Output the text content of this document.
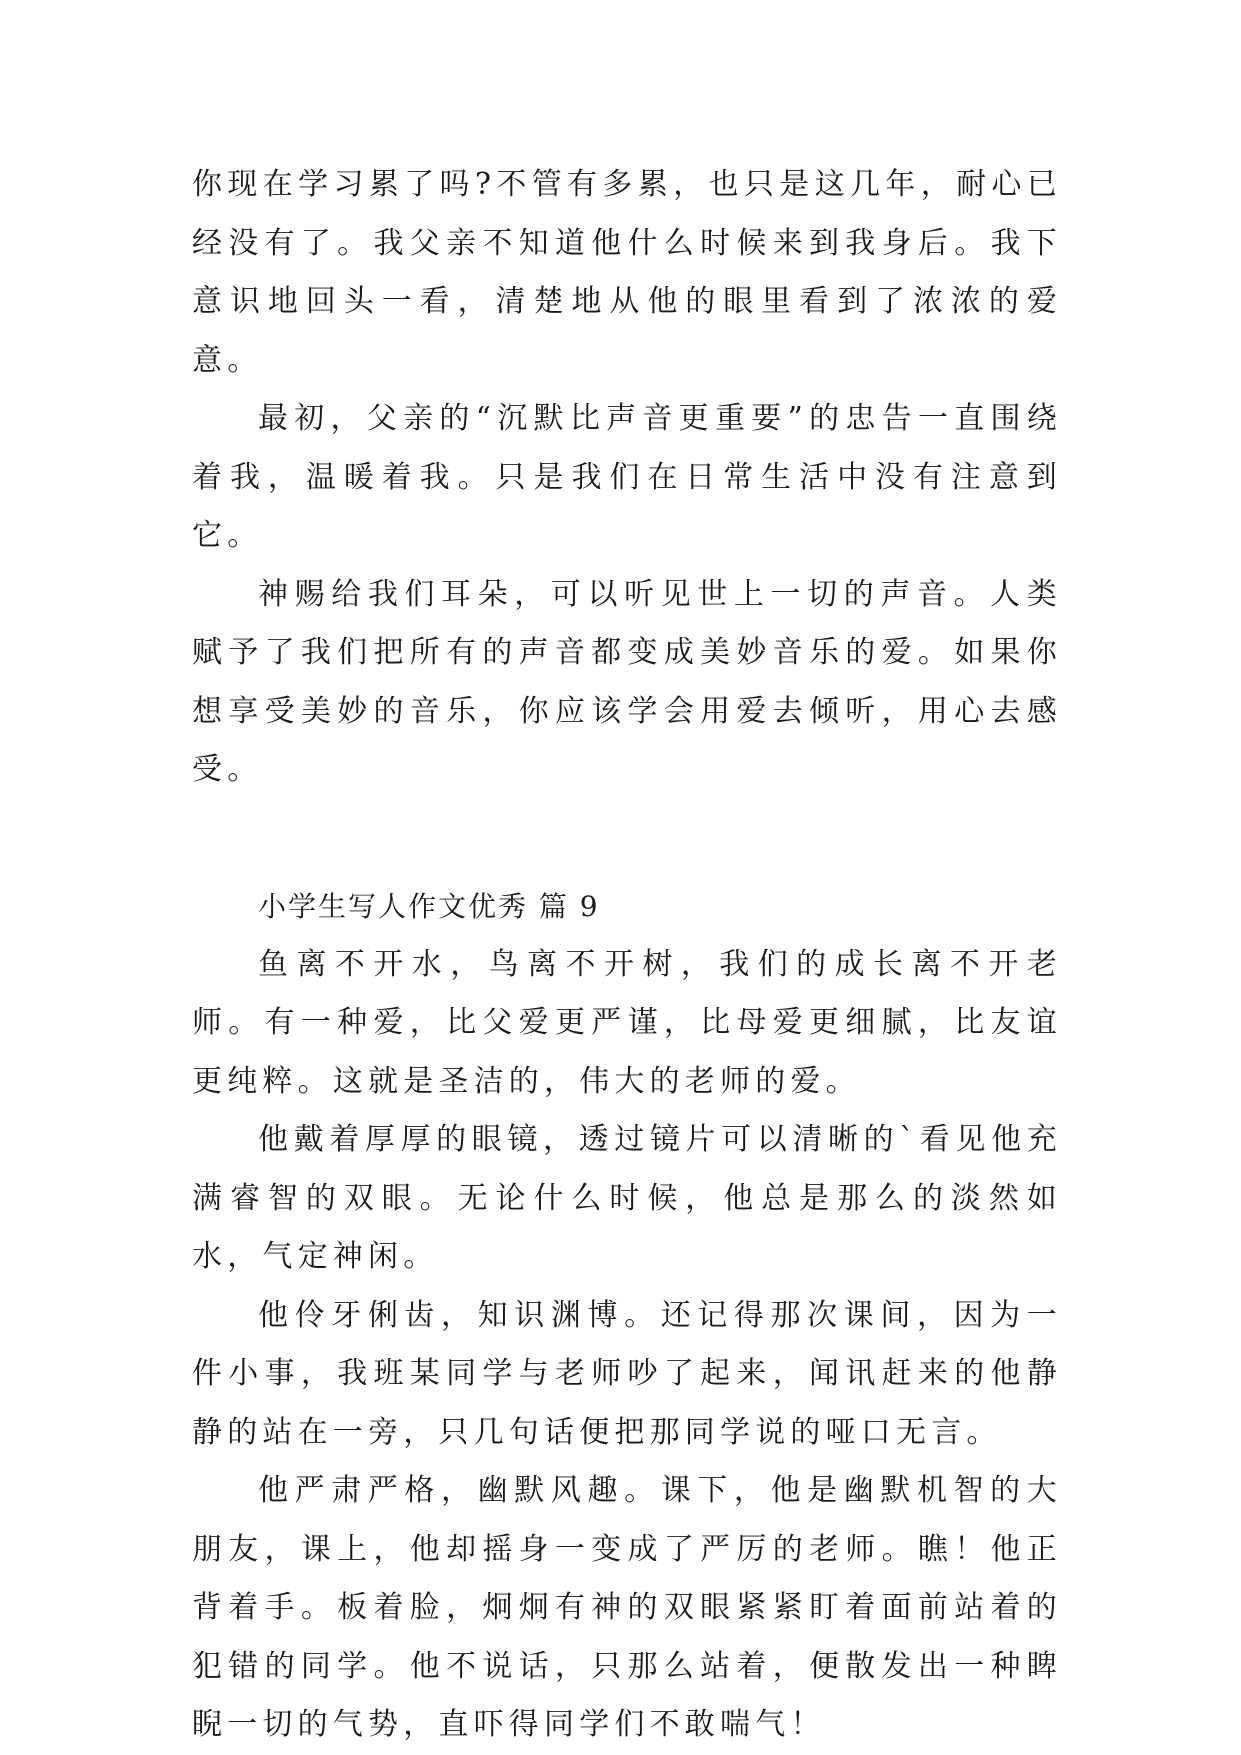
你现在学习累了吗?不管有多累，也只是这几年，耐心已经没有了。我父亲不知道他什么时候来到我身后。我下意识地回头一看，清楚地从他的眼里看到了浓浓的爱意。

最初，父亲的“沉默比声音更重要”的忠告一直围绕着我，温暖着我。只是我们在日常生活中没有注意到它。

神赐给我们耳朵，可以听见世上一切的声音。人类赋予了我们把所有的声音都变成美妙音乐的爱。如果你想享受美妙的音乐，你应该学会用爱去倾听，用心去感受。

小学生写人作文优秀 篇 9

鱼离不开水，鸟离不开树，我们的成长离不开老师。有一种爱，比父爱更严谨，比母爱更细腻，比友谊更纯粹。这就是圣洁的，伟大的老师的爱。

他戴着厚厚的眼镜，透过镜片可以清晰的`看见他充满睿智的双眼。无论什么时候，他总是那么的淡然如水，气定神闲。

他伶牙俐齿，知识渊博。还记得那次课间，因为一件小事，我班某同学与老师吵了起来，闻讯赶来的他静静的站在一旁，只几句话便把那同学说的哑口无言。

他严肃严格，幽默风趣。课下，他是幽默机智的大朋友，课上，他却摇身一变成了严厉的老师。瞧！他正背着手。板着脸，炯炯有神的双眼紧紧盯着面前站着的犯错的同学。他不说话，只那么站着，便散发出一种睥睨一切的气势，直吓得同学们不敢喘气！
